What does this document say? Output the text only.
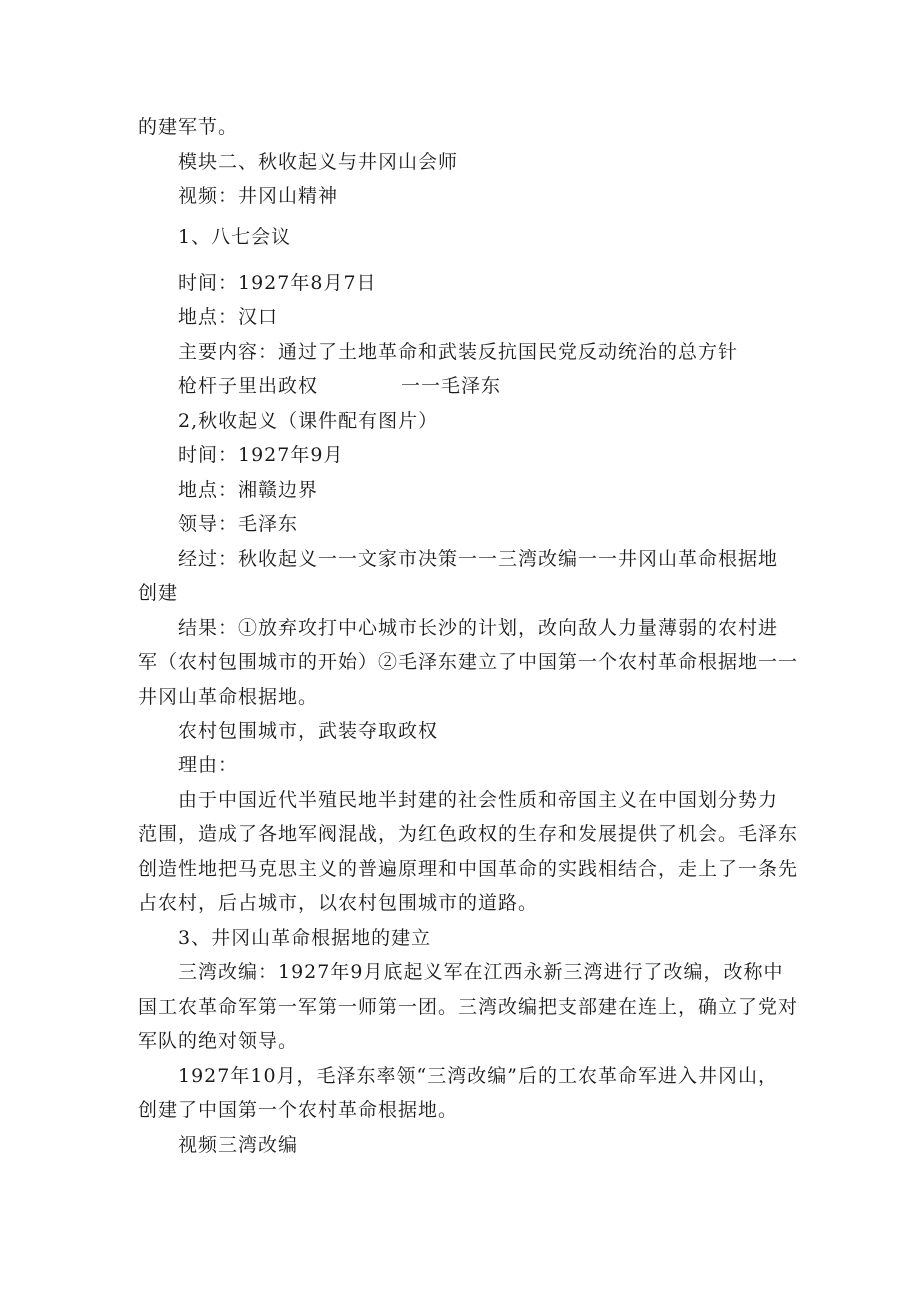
的建军节。
模块二、秋收起义与井冈山会师
视频：井冈山精神
1、八七会议
时间：1927年8月7日
地点：汉口
主要内容：通过了土地革命和武装反抗国民党反动统治的总方针
枪杆子里出政权	一一毛泽东
2,秋收起义（课件配有图片）
时间：1927年9月
地点：湘赣边界
领导：毛泽东
经过：秋收起义一一文家市决策一一三湾改编一一井冈山革命根据地
创建
结果：①放弃攻打中心城市长沙的计划，改向敌人力量薄弱的农村进
军（农村包围城市的开始）②毛泽东建立了中国第一个农村革命根据地一一
井冈山革命根据地。
农村包围城市，武装夺取政权
理由：
由于中国近代半殖民地半封建的社会性质和帝国主义在中国划分势力
范围，造成了各地军阀混战，为红色政权的生存和发展提供了机会。毛泽东
创造性地把马克思主义的普遍原理和中国革命的实践相结合，走上了一条先
占农村，后占城市，以农村包围城市的道路。
3、井冈山革命根据地的建立
三湾改编：1927年9月底起义军在江西永新三湾进行了改编，改称中
国工农革命军第一军第一师第一团。三湾改编把支部建在连上，确立了党对
军队的绝对领导。
1927年10月，毛泽东率领“三湾改编”后的工农革命军进入井冈山，
创建了中国第一个农村革命根据地。
视频三湾改编
